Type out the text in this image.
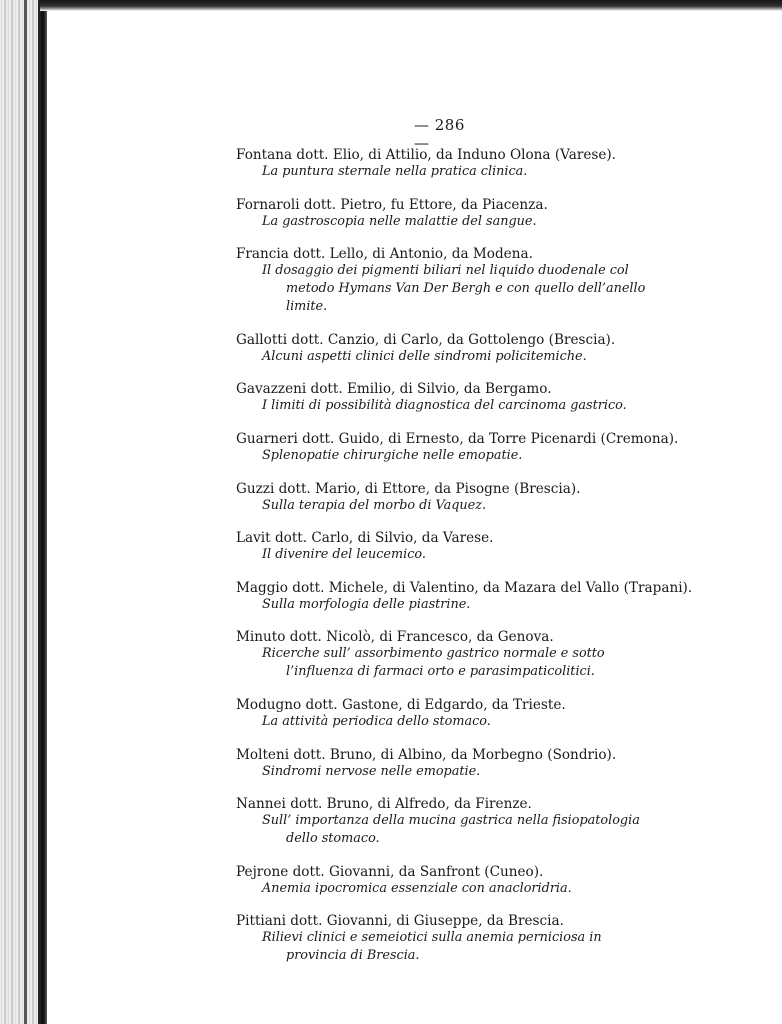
— 286 —
Fontana dott. Elio, di Attilio, da Induno Olona (Varese).
La puntura sternale nella pratica clinica.
Fornaroli dott. Pietro, fu Ettore, da Piacenza.
La gastroscopia nelle malattie del sangue.
Francia dott. Lello, di Antonio, da Modena.
Il dosaggio dei pigmenti biliari nel liquido duodenale col metodo Hymans Van Der Bergh e con quello dell’anello limite.
Gallotti dott. Canzio, di Carlo, da Gottolengo (Brescia).
Alcuni aspetti clinici delle sindromi policitemiche.
Gavazzeni dott. Emilio, di Silvio, da Bergamo.
I limiti di possibilità diagnostica del carcinoma gastrico.
Guarneri dott. Guido, di Ernesto, da Torre Picenardi (Cremona).
Splenopatie chirurgiche nelle emopatie.
Guzzi dott. Mario, di Ettore, da Pisogne (Brescia).
Sulla terapia del morbo di Vaquez.
Lavit dott. Carlo, di Silvio, da Varese.
Il divenire del leucemico.
Maggio dott. Michele, di Valentino, da Mazara del Vallo (Trapani).
Sulla morfologia delle piastrine.
Minuto dott. Nicolò, di Francesco, da Genova.
Ricerche sull’ assorbimento gastrico normale e sotto l’influenza di farmaci orto e parasimpaticolitici.
Modugno dott. Gastone, di Edgardo, da Trieste.
La attività periodica dello stomaco.
Molteni dott. Bruno, di Albino, da Morbegno (Sondrio).
Sindromi nervose nelle emopatie.
Nannei dott. Bruno, di Alfredo, da Firenze.
Sull’ importanza della mucina gastrica nella fisiopatologia dello stomaco.
Pejrone dott. Giovanni, da Sanfront (Cuneo).
Anemia ipocromica essenziale con anacloridria.
Pittiani dott. Giovanni, di Giuseppe, da Brescia.
Rilievi clinici e semeiotici sulla anemia perniciosa in provincia di Brescia.
